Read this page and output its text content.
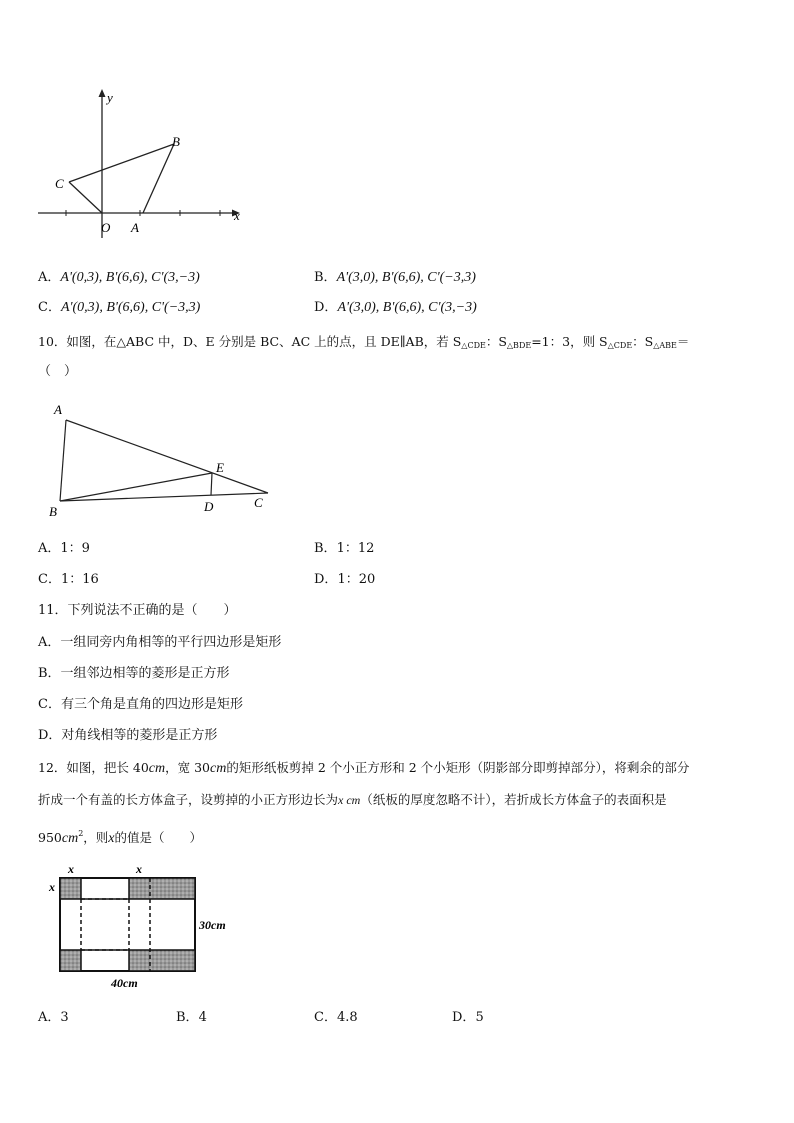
x
y
O A
B
C
A．A'(0,3), B'(6,6), C'(3,−3)	B．A'(3,0), B'(6,6), C'(−3,3)
C．A'(0,3), B'(6,6), C'(−3,3)	D．A'(3,0), B'(6,6), C'(3,−3)
10．如图，在△ABC 中，D、E 分别是 BC、AC 上的点，且 DE∥AB，若 $S_{\triangle CDE}$：$S_{\triangle BDE}=1$：3，则 $S_{\triangle CDE}$：$S_{\triangle ABE}=$
（　）
A
B
C
D
E
A．1：9	B．1：12
C．1：16	D．1：20
11．下列说法不正确的是（　　）
A．一组同旁内角相等的平行四边形是矩形
B．一组邻边相等的菱形是正方形
C．有三个角是直角的四边形是矩形
D．对角线相等的菱形是正方形
12．如图，把长 40cm，宽 30cm的矩形纸板剪掉 2 个小正方形和 2 个小矩形（阴影部分即剪掉部分），将剩余的部分
折成一个有盖的长方体盒子，设剪掉的小正方形边长为x cm（纸板的厚度忽略不计），若折成长方体盒子的表面积是
$950cm^2$，则x的值是（　　）
x	x
x
30cm
40cm
A．3	B．4	C．4.8	D．5
